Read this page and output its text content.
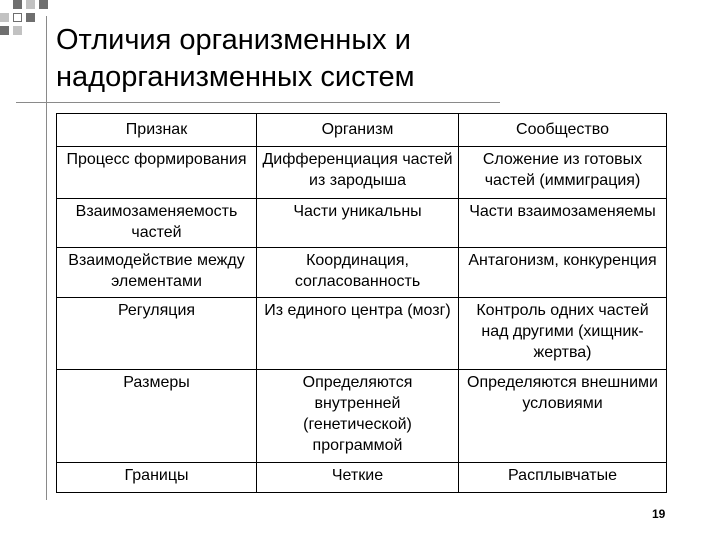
Отличия организменных и
надорганизменных систем
Признак	Организм	Сообщество
Процесс формирования	Дифференциация частей из зародыша	Сложение из готовых частей (иммиграция)
Взаимозаменяемость частей	Части уникальны	Части взаимозаменяемы
Взаимодействие между элементами	Координация, согласованность	Антагонизм, конкуренция
Регуляция	Из единого центра (мозг)	Контроль одних частей над другими (хищник-жертва)
Размеры	Определяются внутренней (генетической) программой	Определяются внешними условиями
Границы	Четкие	Расплывчатые
19
